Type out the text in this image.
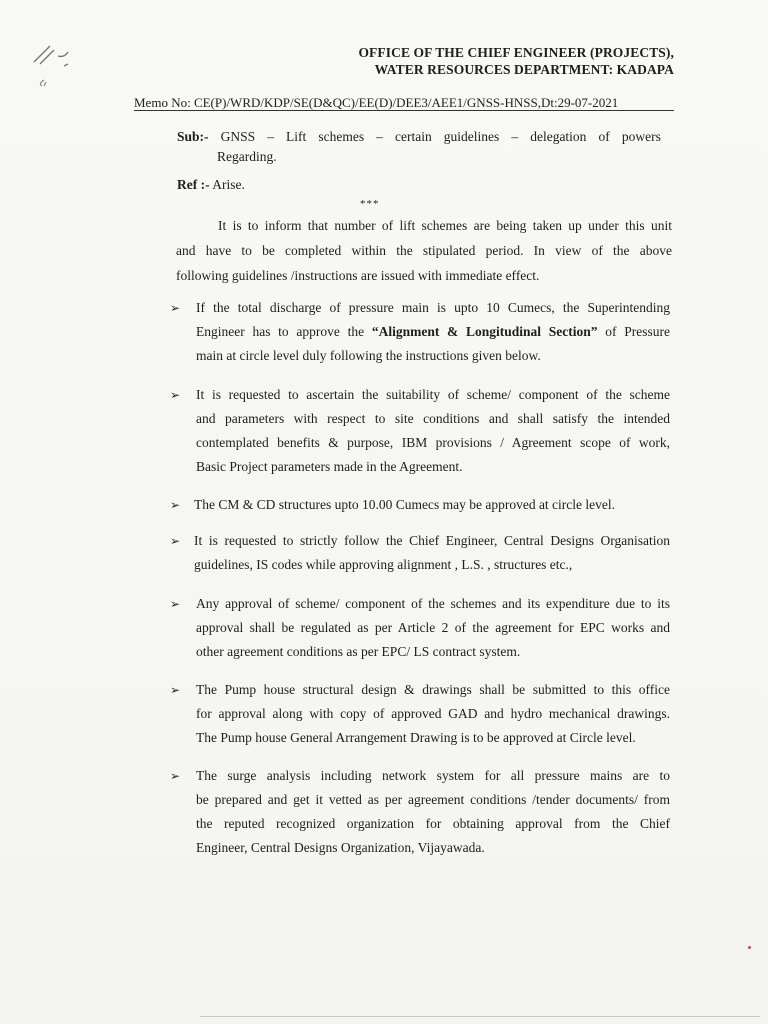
OFFICE OF THE CHIEF ENGINEER (PROJECTS),
WATER RESOURCES DEPARTMENT: KADAPA
Memo No: CE(P)/WRD/KDP/SE(D&QC)/EE(D)/DEE3/AEE1/GNSS-HNSS,Dt:29-07-2021
Sub:- GNSS – Lift schemes – certain guidelines – delegation of powers
Regarding.
Ref :- Arise.
***
It is to inform that number of lift schemes are being taken up under this unit
and have to be completed within the stipulated period. In view of the above
following guidelines /instructions are issued with immediate effect.
➢	If the total discharge of pressure main is upto 10 Cumecs, the Superintending
Engineer has to approve the “Alignment & Longitudinal Section” of Pressure
main at circle level duly following the instructions given below.
➢	It is requested to ascertain the suitability of scheme/ component of the scheme
and parameters with respect to site conditions and shall satisfy the intended
contemplated benefits & purpose, IBM provisions / Agreement scope of work,
Basic Project parameters made in the Agreement.
➢	The CM & CD structures upto 10.00 Cumecs may be approved at circle level.
➢	It is requested to strictly follow the Chief Engineer, Central Designs Organisation
guidelines, IS codes while approving alignment , L.S. , structures etc.,
➢	Any approval of scheme/ component of the schemes and its expenditure due to its
approval shall be regulated as per Article 2 of the agreement for EPC works and
other agreement conditions as per EPC/ LS contract system.
➢	The Pump house structural design & drawings shall be submitted to this office
for approval along with copy of approved GAD and hydro mechanical drawings.
The Pump house General Arrangement Drawing is to be approved at Circle level.
➢	The surge analysis including network system for all pressure mains are to
be prepared and get it vetted as per agreement conditions /tender documents/ from
the reputed recognized organization for obtaining approval from the Chief
Engineer, Central Designs Organization, Vijayawada.
